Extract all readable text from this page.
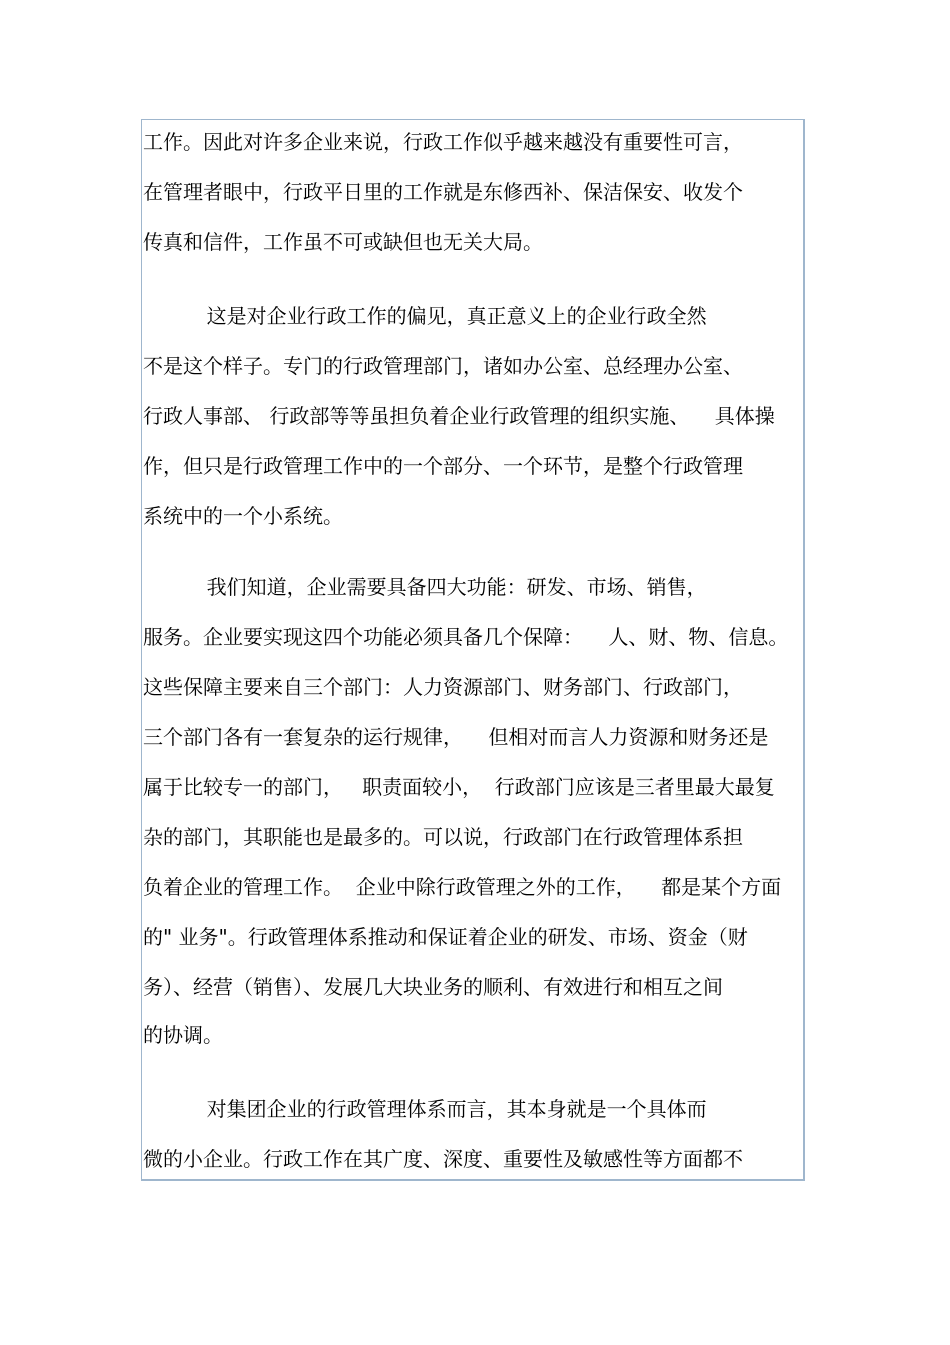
工作。因此对许多企业来说，行政工作似乎越来越没有重要性可言，
在管理者眼中，行政平日里的工作就是东修西补、保洁保安、收发个
传真和信件，工作虽不可或缺但也无关大局。
这是对企业行政工作的偏见，真正意义上的企业行政全然
不是这个样子。专门的行政管理部门，诸如办公室、总经理办公室、
行政人事部、 行政部等等虽担负着企业行政管理的组织实施、    具体操
作，但只是行政管理工作中的一个部分、一个环节，是整个行政管理
系统中的一个小系统。
我们知道，企业需要具备四大功能：研发、市场、销售，
服务。企业要实现这四个功能必须具备几个保障：    人、财、物、信息。
这些保障主要来自三个部门：人力资源部门、财务部门、行政部门，
三个部门各有一套复杂的运行规律，    但相对而言人力资源和财务还是
属于比较专一的部门，   职责面较小，  行政部门应该是三者里最大最复
杂的部门，其职能也是最多的。可以说，行政部门在行政管理体系担
负着企业的管理工作。  企业中除行政管理之外的工作，    都是某个方面
的" 业务"。行政管理体系推动和保证着企业的研发、市场、资金（财
务）、经营（销售）、发展几大块业务的顺利、有效进行和相互之间
的协调。
对集团企业的行政管理体系而言，其本身就是一个具体而
微的小企业。行政工作在其广度、深度、重要性及敏感性等方面都不
